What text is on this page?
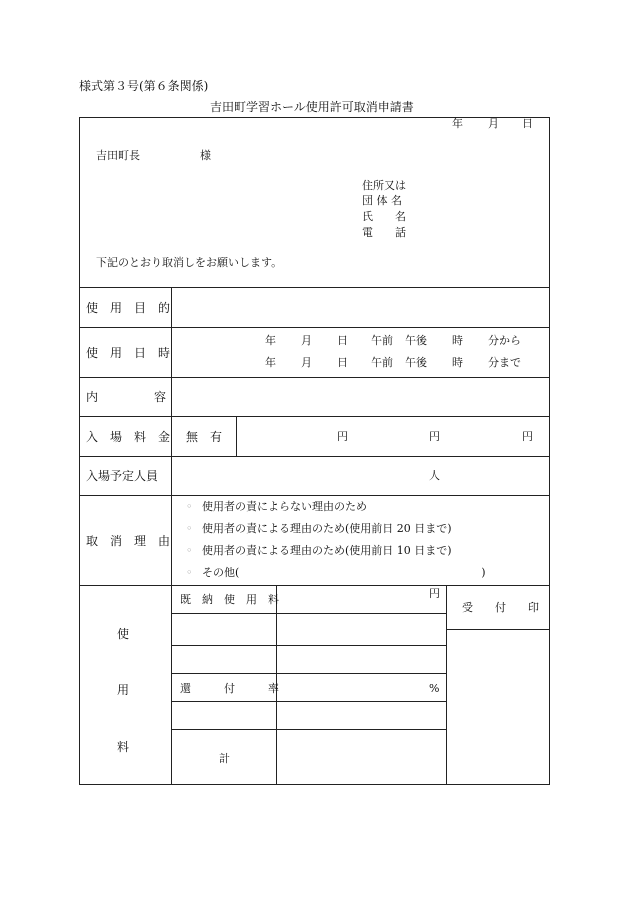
様式第３号(第６条関係)
吉田町学習ホール使用許可取消申請書
年 月 日
吉田町長	様
住所又は
団 体 名
氏　　名
電　　話
下記のとおり取消しをお願いします。
使　用　目　的
使　用　日　時
年 月 日 午前 午後 時 分から
年 月 日 午前 午後 時 分まで
内	容
入　場　料　金 無　有	円	円	円
入場予定人員	人
取　消　理　由
◦ 使用者の責によらない理由のため
◦ 使用者の責による理由のため(使用前日 20 日まで)
◦ 使用者の責による理由のため(使用前日 10 日まで)
◦ その他(　　　　　　　　　　　　　　　　　　　　　　)
使
用
料
既　納　使　用　料	円
還　　　付　　　率	%
計
受　　付　　印
